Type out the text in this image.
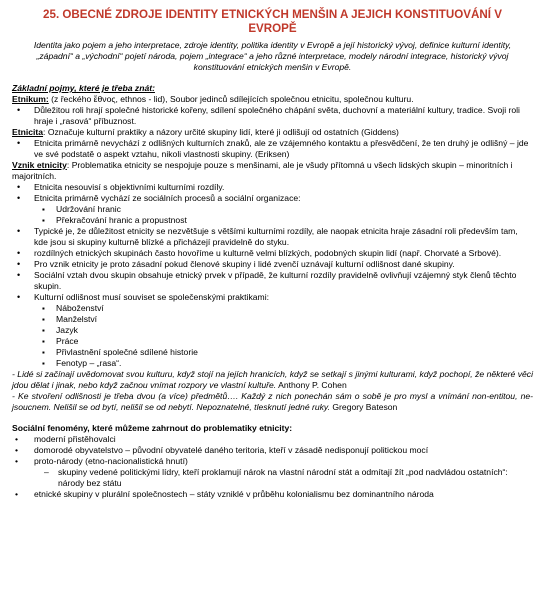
25. OBECNÉ ZDROJE IDENTITY ETNICKÝCH MENŠIN A JEJICH KONSTITUOVÁNÍ V EVROPĚ
Identita jako pojem a jeho interpretace, zdroje identity, politika identity v Evropě a její historický vývoj, definice kulturní identity, „západní“ a „východní“ pojetí národa, pojem „integrace“ a jeho různé interpretace, modely národní integrace, historický vývoj konstituování etnických menšin v Evropě.
Základní pojmy, které je třeba znát:

Etnikum: (z řeckého ἔθνος, ethnos - lid), Soubor jedinců sdílejících společnou etnicitu, společnou kulturu.

• Důležitou roli hrají společné historické kořeny, sdílení společného chápání světa, duchovní a materiální kultury, tradice. Svoji roli hraje i „rasová“ příbuznost.

Etnicita: Označuje kulturní praktiky a názory určité skupiny lidí, které ji odlišují od ostatních (Giddens)

• Etnicita primárně nevychází z odlišných kulturních znaků, ale ze vzájemného kontaktu a přesvědčení, že ten druhý je odlišný – jde ve své podstatě o aspekt vztahu, nikoli vlastnosti skupiny. (Eriksen)

Vznik etnicity: Problematika etnicity se nespojuje pouze s menšinami, ale je všudy přítomná u všech lidských skupin – minoritních i majoritních.

• Etnicita nesouvisí s objektivními kulturními rozdíly.
• Etnicita primárně vychází ze sociálních procesů a sociální organizace:
▪ Udržování hranic
▪ Překračování hranic a propustnost
• Typické je, že důležitost etnicity se nezvětšuje s většími kulturními rozdíly, ale naopak etnicita hraje zásadní roli především tam, kde jsou si skupiny kulturně blízké a přicházejí pravidelně do styku.
• rozdílných etnických skupinách často hovoříme u kulturně velmi blízkých, podobných skupin lidí (např. Chorvaté a Srbové).
• Pro vznik etnicity je proto zásadní pokud členové skupiny i lidé zvenčí uznávají kulturní odlišnost dané skupiny.
• Sociální vztah dvou skupin obsahuje etnický prvek v případě, že kulturní rozdíly pravidelně ovlivňují vzájemný styk členů těchto skupin.
• Kulturní odlišnost musí souviset se společenskými praktikami:
▪ Náboženství
▪ Manželství
▪ Jazyk
▪ Práce
▪ Přivlastnění společné sdílené historie
▪ Fenotyp – „rasa“.

- Lidé si začínají uvědomovat svou kulturu, když stojí na jejích hranicích, když se setkají s jinými kulturami, když pochopí, že některé věci jdou dělat i jinak, nebo když začnou vnímat rozpory ve vlastní kultuře. Anthony P. Cohen

- Ke stvoření odlišnosti je třeba dvou (a více) předmětů…. Každý z nich ponechán sám o sobě je pro mysl a vnímání non-entitou, ne-jsoucnem. Nelišil se od bytí, nelišil se od nebytí. Nepoznatelné, tlesknutí jedné ruky. Gregory Bateson

Sociální fenomény, které můžeme zahrnout do problematiky etnicity:
• moderní přistěhovalci
• domorodé obyvatelstvo – původní obyvatelé daného teritoria, kteří v zásadě nedisponují politickou mocí
• proto-národy (etno-nacionalistická hnutí)
– skupiny vedené politickými lídry, kteří proklamují nárok na vlastní národní stát a odmítají žít „pod nadvládou ostatních“: národy bez státu
• etnické skupiny v plurální společnostech – státy vzniklé v průběhu kolonialismu bez dominantního národa
